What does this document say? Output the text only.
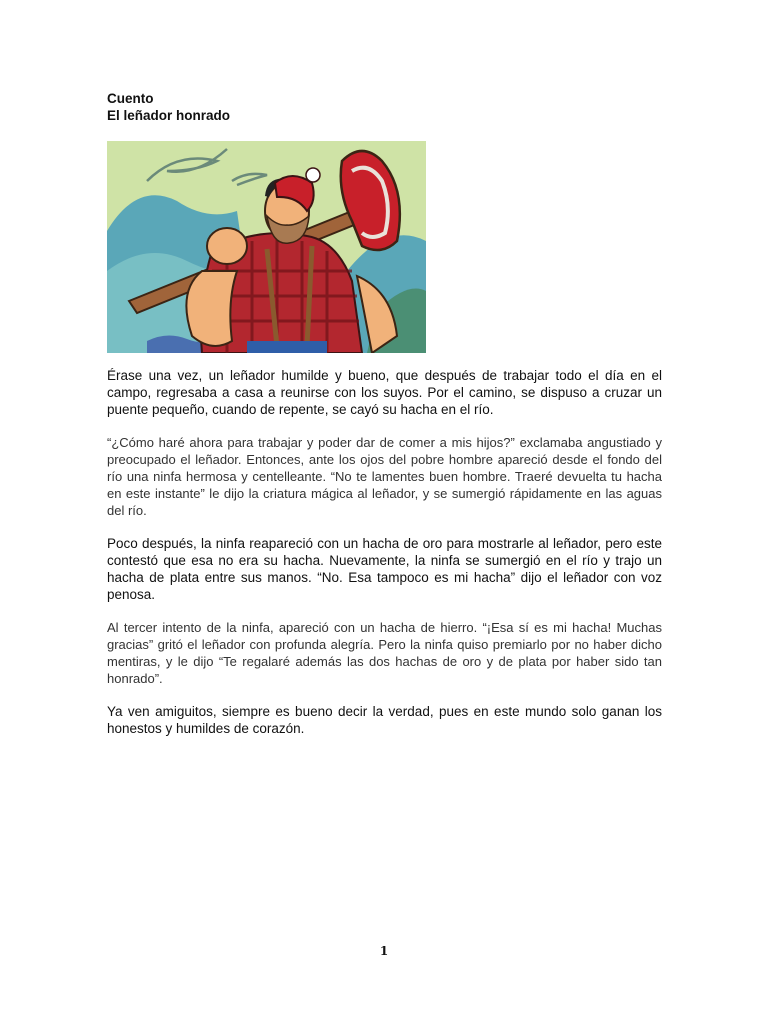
Cuento
El leñador honrado

Érase una vez, un leñador humilde y bueno, que después de trabajar todo el día en el campo, regresaba a casa a reunirse con los suyos. Por el camino, se dispuso a cruzar un puente pequeño, cuando de repente, se cayó su hacha en el río.

“¿Cómo haré ahora para trabajar y poder dar de comer a mis hijos?” exclamaba angustiado y preocupado el leñador. Entonces, ante los ojos del pobre hombre apareció desde el fondo del río una ninfa hermosa y centelleante. “No te lamentes buen hombre. Traeré devuelta tu hacha en este instante” le dijo la criatura mágica al leñador, y se sumergió rápidamente en las aguas del río.

Poco después, la ninfa reapareció con un hacha de oro para mostrarle al leñador, pero este contestó que esa no era su hacha. Nuevamente, la ninfa se sumergió en el río y trajo un hacha de plata entre sus manos. “No. Esa tampoco es mi hacha” dijo el leñador con voz penosa.

Al tercer intento de la ninfa, apareció con un hacha de hierro. “¡Esa sí es mi hacha! Muchas gracias” gritó el leñador con profunda alegría. Pero la ninfa quiso premiarlo por no haber dicho mentiras, y le dijo “Te regalaré además las dos hachas de oro y de plata por haber sido tan honrado”.

Ya ven amiguitos, siempre es bueno decir la verdad, pues en este mundo solo ganan los honestos y humildes de corazón.

1
